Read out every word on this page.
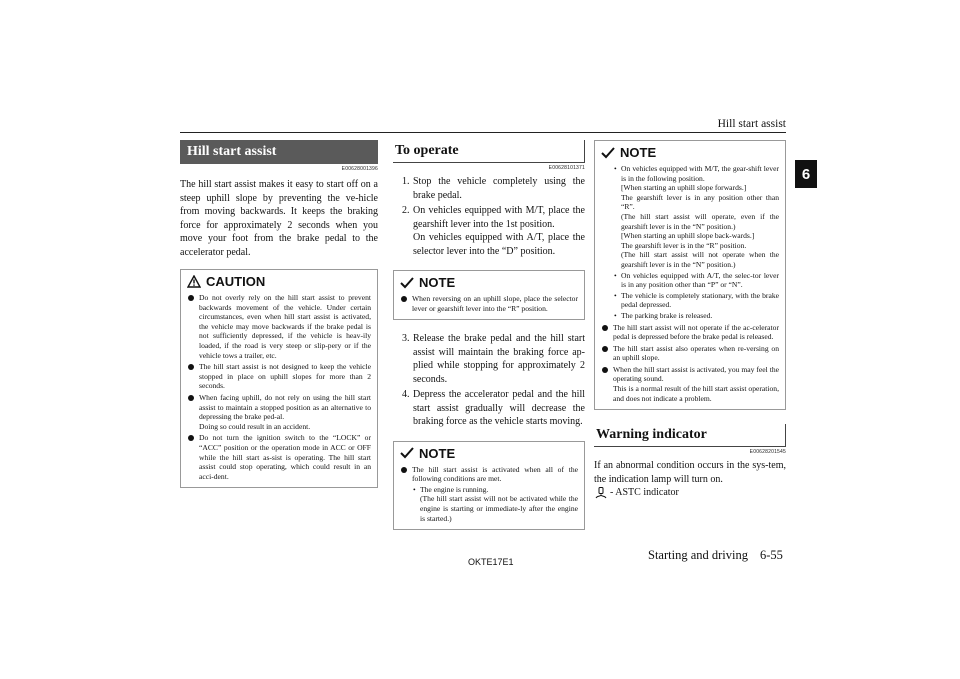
Hill start assist
6
Hill start assist
E00628001396

The hill start assist makes it easy to start off on a steep uphill slope by preventing the ve-hicle from moving backwards. It keeps the braking force for approximately 2 seconds when you move your foot from the brake pedal to the accelerator pedal.

CAUTION
Do not overly rely on the hill start assist to prevent backwards movement of the vehicle. Under certain circumstances, even when hill start assist is activated, the vehicle may move backwards if the brake pedal is not sufficiently depressed, if the vehicle is heav-ily loaded, if the road is very steep or slip-pery or if the vehicle tows a trailer, etc.
The hill start assist is not designed to keep the vehicle stopped in place on uphill slopes for more than 2 seconds.
When facing uphill, do not rely on using the hill start assist to maintain a stopped position as an alternative to depressing the brake ped-al.
Doing so could result in an accident.
Do not turn the ignition switch to the “LOCK” or “ACC” position or the operation mode in ACC or OFF while the hill start as-sist is operating. The hill start assist could stop operating, which could result in an acci-dent.
To operate
E00628101371
1. Stop the vehicle completely using the brake pedal.
2. On vehicles equipped with M/T, place the gearshift lever into the 1st position.
On vehicles equipped with A/T, place the selector lever into the “D” position.
NOTE
When reversing on an uphill slope, place the selector lever or gearshift lever into the “R” position.
3. Release the brake pedal and the hill start assist will maintain the braking force ap-plied while stopping for approximately 2 seconds.
4. Depress the accelerator pedal and the hill start assist gradually will decrease the braking force as the vehicle starts moving.
NOTE
The hill start assist is activated when all of the following conditions are met.
• The engine is running.
(The hill start assist will not be activated while the engine is starting or immediate-ly after the engine is started.)
NOTE
• On vehicles equipped with M/T, the gear-shift lever is in the following position.
[When starting an uphill slope forwards.]
The gearshift lever is in any position other than “R”.
(The hill start assist will operate, even if the gearshift lever is in the “N” position.)
[When starting an uphill slope back-wards.]
The gearshift lever is in the “R” position.
(The hill start assist will not operate when the gearshift lever is in the “N” position.)
• On vehicles equipped with A/T, the selec-tor lever is in any position other than “P” or “N”.
• The vehicle is completely stationary, with the brake pedal depressed.
• The parking brake is released.
The hill start assist will not operate if the ac-celerator pedal is depressed before the brake pedal is released.
The hill start assist also operates when re-versing on an uphill slope.
When the hill start assist is activated, you may feel the operating sound.
This is a normal result of the hill start assist operation, and does not indicate a problem.
Warning indicator
E00628201545

If an abnormal condition occurs in the sys-tem, the indication lamp will turn on.

- ASTC indicator
OKTE17E1	Starting and driving 6-55
